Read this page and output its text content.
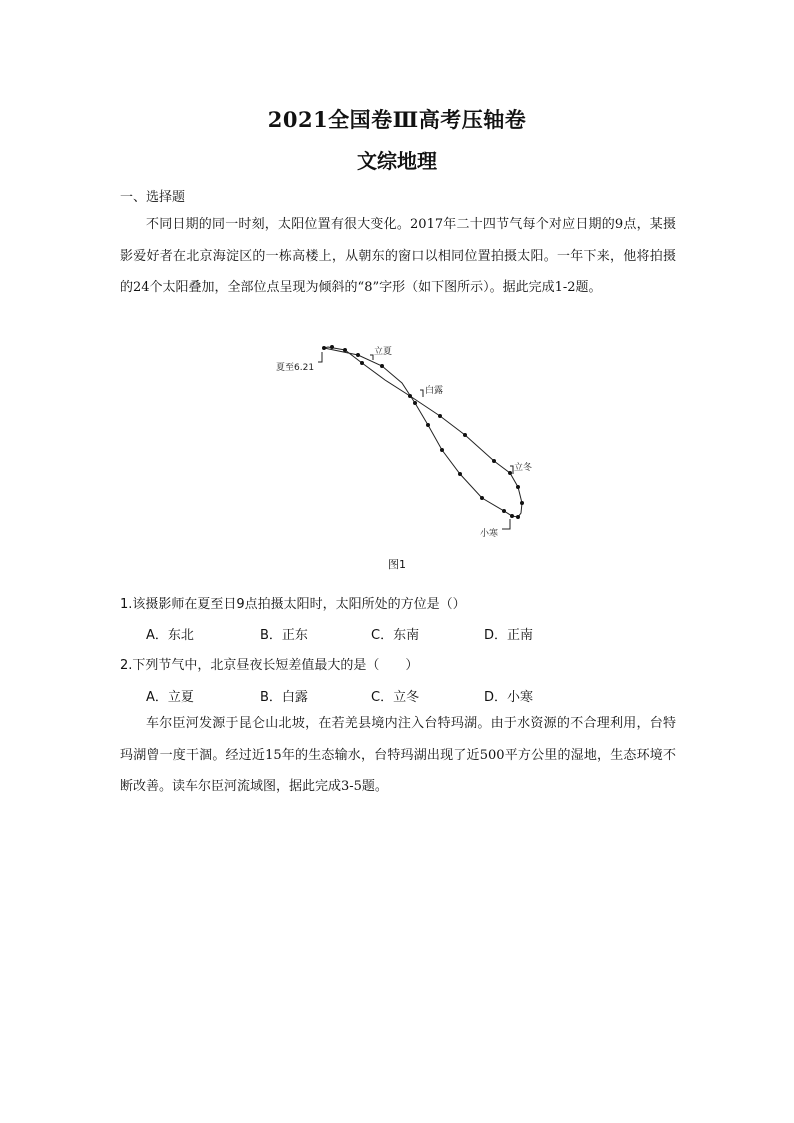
2021全国卷Ⅲ高考压轴卷
文综地理
一、选择题
不同日期的同一时刻，太阳位置有很大变化。2017年二十四节气每个对应日期的9点，某摄影爱好者在北京海淀区的一栋高楼上，从朝东的窗口以相同位置拍摄太阳。一年下来，他将拍摄的24个太阳叠加，全部位点呈现为倾斜的“8”字形（如下图所示）。据此完成1-2题。
夏至6.21
立夏
白露
立冬
小寒
图1
1.该摄影师在夏至日9点拍摄太阳时，太阳所处的方位是（）
A．东北	B．正东	C．东南	D．正南
2.下列节气中，北京昼夜长短差值最大的是（　　）
A．立夏	B．白露	C．立冬	D．小寒
车尔臣河发源于昆仑山北坡，在若羌县境内注入台特玛湖。由于水资源的不合理利用，台特玛湖曾一度干涸。经过近15年的生态输水，台特玛湖出现了近500平方公里的湿地，生态环境不断改善。读车尔臣河流域图，据此完成3-5题。
